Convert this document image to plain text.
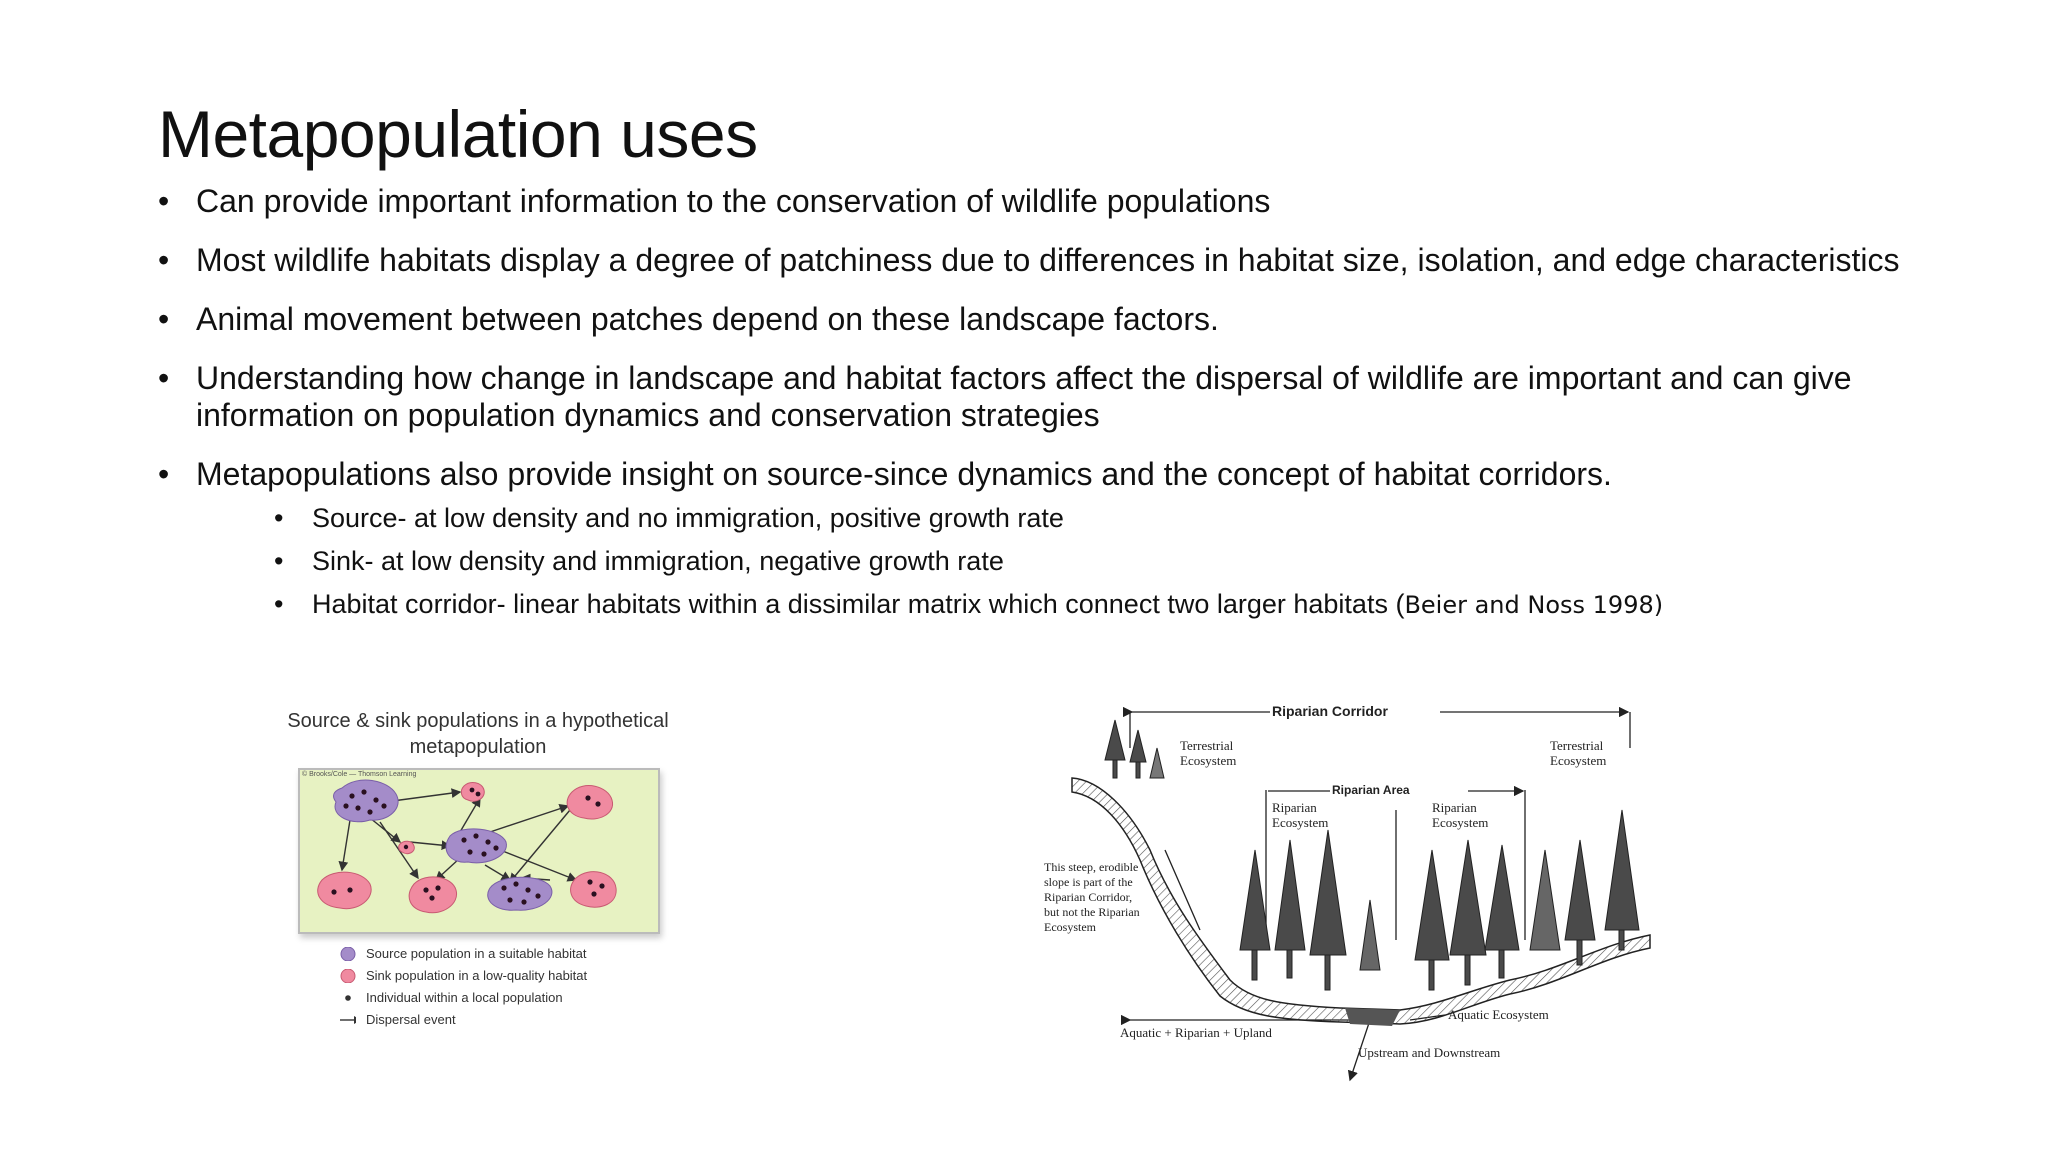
Metapopulation uses
• Can provide important information to the conservation of wildlife populations
• Most wildlife habitats display a degree of patchiness due to differences in habitat size, isolation, and edge characteristics
• Animal movement between patches depend on these landscape factors.
• Understanding how change in landscape and habitat factors affect the dispersal of wildlife are important and can give information on population dynamics and conservation strategies
• Metapopulations also provide insight on source-since dynamics and the concept of habitat corridors.
• Source- at low density and no immigration, positive growth rate
• Sink- at low density and immigration, negative growth rate
• Habitat corridor- linear habitats within a dissimilar matrix which connect two larger habitats (Beier and Noss 1998)
Source & sink populations in a hypothetical
metapopulation
© Brooks/Cole — Thomson Learning
Source population in a suitable habitat
Sink population in a low-quality habitat
Individual within a local population
Dispersal event
Riparian Corridor
Terrestrial
Ecosystem
Terrestrial
Ecosystem
Riparian Area
Riparian
Ecosystem
Riparian
Ecosystem
This steep, erodible
slope is part of the
Riparian Corridor,
but not the Riparian
Ecosystem
Aquatic Ecosystem
Aquatic + Riparian + Upland
Upstream and Downstream
